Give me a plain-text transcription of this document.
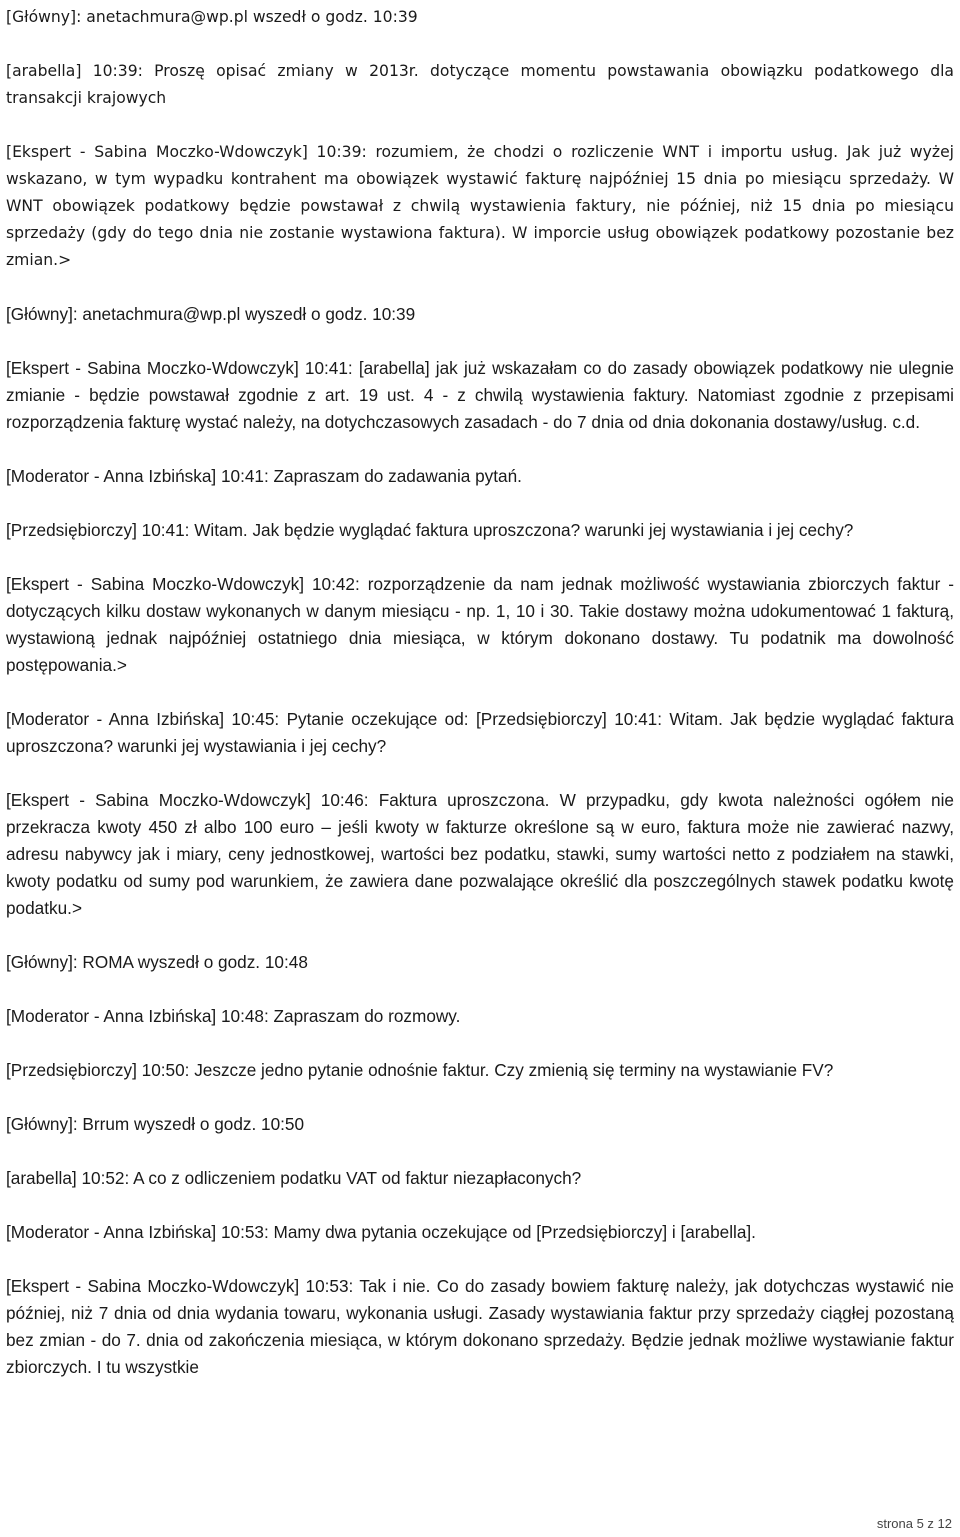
[Główny]: anetachmura@wp.pl wszedł o godz. 10:39

[arabella] 10:39: Proszę opisać zmiany w 2013r. dotyczące momentu powstawania obowiązku podatkowego dla transakcji krajowych

[Ekspert - Sabina Moczko-Wdowczyk] 10:39: rozumiem, że chodzi o rozliczenie WNT i importu usług. Jak już wyżej wskazano, w tym wypadku kontrahent ma obowiązek wystawić fakturę najpóźniej 15 dnia po miesiącu sprzedaży. W WNT obowiązek podatkowy będzie powstawał z chwilą wystawienia faktury, nie później, niż 15 dnia po miesiącu sprzedaży (gdy do tego dnia nie zostanie wystawiona faktura). W imporcie usług obowiązek podatkowy pozostanie bez zmian.>

[Główny]: anetachmura@wp.pl wyszedł o godz. 10:39

[Ekspert - Sabina Moczko-Wdowczyk] 10:41: [arabella] jak już wskazałam co do zasady obowiązek podatkowy nie ulegnie zmianie - będzie powstawał zgodnie z art. 19 ust. 4 - z chwilą wystawienia faktury. Natomiast zgodnie z przepisami rozporządzenia fakturę wystać należy, na dotychczasowych zasadach - do 7 dnia od dnia dokonania dostawy/usług. c.d.

[Moderator - Anna Izbińska] 10:41: Zapraszam do zadawania pytań.

[Przedsiębiorczy] 10:41: Witam. Jak będzie wyglądać faktura uproszczona? warunki jej wystawiania i jej cechy?

[Ekspert - Sabina Moczko-Wdowczyk] 10:42: rozporządzenie da nam jednak możliwość wystawiania zbiorczych faktur - dotyczących kilku dostaw wykonanych w danym miesiącu - np. 1, 10 i 30. Takie dostawy można udokumentować 1 fakturą, wystawioną jednak najpóźniej ostatniego dnia miesiąca, w którym dokonano dostawy. Tu podatnik ma dowolność postępowania.>

[Moderator - Anna Izbińska] 10:45: Pytanie oczekujące od: [Przedsiębiorczy] 10:41: Witam. Jak będzie wyglądać faktura uproszczona? warunki jej wystawiania i jej cechy?

[Ekspert - Sabina Moczko-Wdowczyk] 10:46: Faktura uproszczona. W przypadku, gdy kwota należności ogółem nie przekracza kwoty 450 zł albo 100 euro – jeśli kwoty w fakturze określone są w euro, faktura może nie zawierać nazwy, adresu nabywcy jak i miary, ceny jednostkowej, wartości bez podatku, stawki, sumy wartości netto z podziałem na stawki, kwoty podatku od sumy pod warunkiem, że zawiera dane pozwalające określić dla poszczególnych stawek podatku kwotę podatku.>

[Główny]: ROMA wyszedł o godz. 10:48

[Moderator - Anna Izbińska] 10:48: Zapraszam do rozmowy.

[Przedsiębiorczy] 10:50: Jeszcze jedno pytanie odnośnie faktur. Czy zmienią się terminy na wystawianie FV?

[Główny]: Brrum wyszedł o godz. 10:50

[arabella] 10:52: A co z odliczeniem podatku VAT od faktur niezapłaconych?

[Moderator - Anna Izbińska] 10:53: Mamy dwa pytania oczekujące od [Przedsiębiorczy] i [arabella].

[Ekspert - Sabina Moczko-Wdowczyk] 10:53: Tak i nie. Co do zasady bowiem fakturę należy, jak dotychczas wystawić nie później, niż 7 dnia od dnia wydania towaru, wykonania usługi. Zasady wystawiania faktur przy sprzedaży ciągłej pozostaną bez zmian - do 7. dnia od zakończenia miesiąca, w którym dokonano sprzedaży. Będzie jednak możliwe wystawianie faktur zbiorczych. I tu wszystkie

strona 5 z 12
